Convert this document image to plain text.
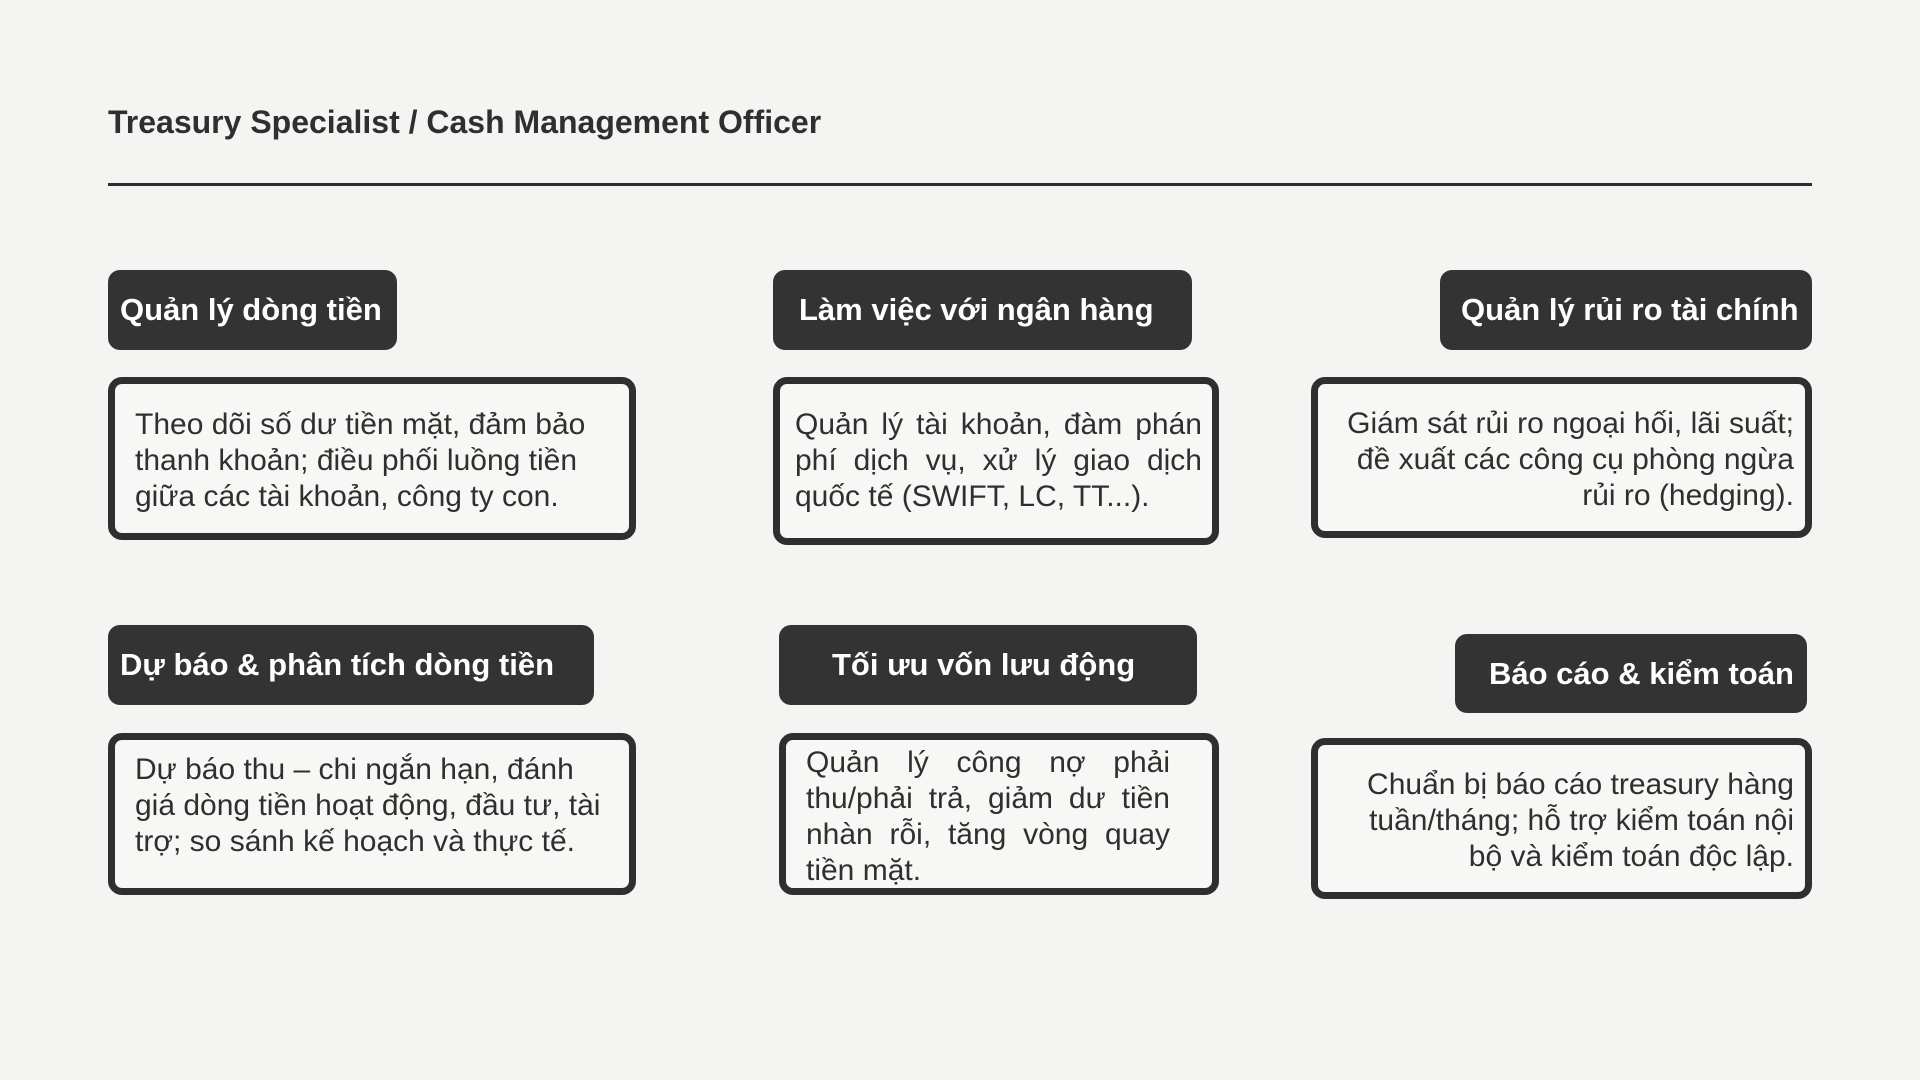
Treasury Specialist / Cash Management Officer
Quản lý dòng tiền

Theo dõi số dư tiền mặt, đảm bảo thanh khoản; điều phối luồng tiền giữa các tài khoản, công ty con.

Làm việc với ngân hàng

Quản lý tài khoản, đàm phán phí dịch vụ, xử lý giao dịch quốc tế (SWIFT, LC, TT...).

Quản lý rủi ro tài chính

Giám sát rủi ro ngoại hối, lãi suất; đề xuất các công cụ phòng ngừa rủi ro (hedging).

Dự báo & phân tích dòng tiền

Dự báo thu – chi ngắn hạn, đánh giá dòng tiền hoạt động, đầu tư, tài trợ; so sánh kế hoạch và thực tế.

Tối ưu vốn lưu động

Quản lý công nợ phải thu/phải trả, giảm dư tiền nhàn rỗi, tăng vòng quay tiền mặt.

Báo cáo & kiểm toán

Chuẩn bị báo cáo treasury hàng tuần/tháng; hỗ trợ kiểm toán nội bộ và kiểm toán độc lập.
